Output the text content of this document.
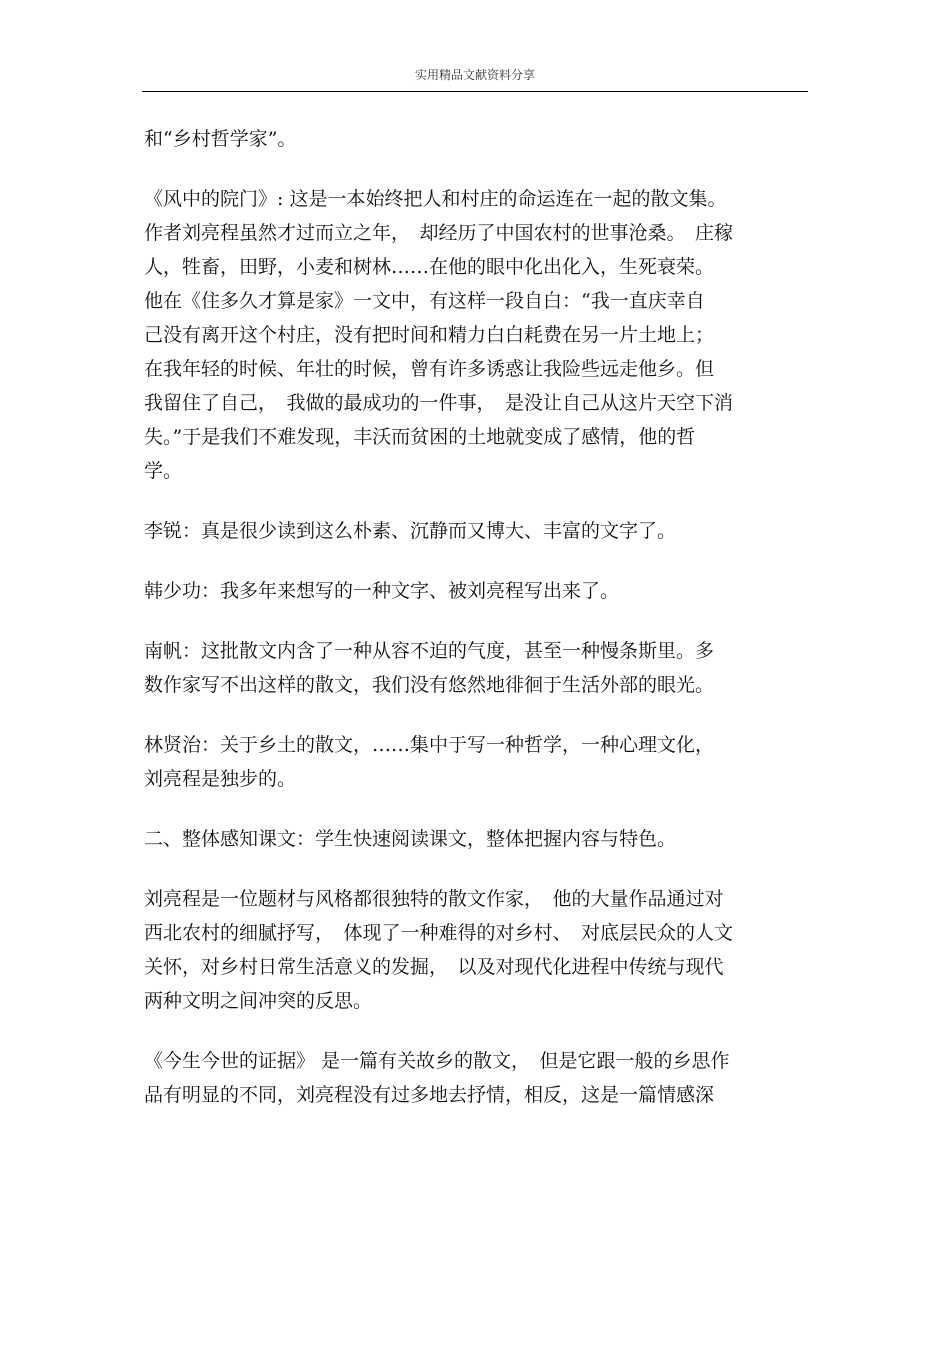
实用精品文献资料分享
和“乡村哲学家”。
《风中的院门》: 这是一本始终把人和村庄的命运连在一起的散文集。
作者刘亮程虽然才过而立之年，　却经历了中国农村的世事沧桑。　庄稼
人，牲畜，田野，小麦和树林……在他的眼中化出化入，生死衰荣。
他在《住多久才算是家》一文中，有这样一段自白：“我一直庆幸自
己没有离开这个村庄，没有把时间和精力白白耗费在另一片土地上；
在我年轻的时候、年壮的时候，曾有许多诱惑让我险些远走他乡。但
我留住了自己，　我做的最成功的一件事，　是没让自己从这片天空下消
失。”于是我们不难发现，丰沃而贫困的土地就变成了感情，他的哲
学。
李锐：真是很少读到这么朴素、沉静而又博大、丰富的文字了。
韩少功：我多年来想写的一种文字、被刘亮程写出来了。
南帆：这批散文内含了一种从容不迫的气度，甚至一种慢条斯里。多
数作家写不出这样的散文，我们没有悠然地徘徊于生活外部的眼光。
林贤治：关于乡土的散文，……集中于写一种哲学，一种心理文化，
刘亮程是独步的。
二、整体感知课文：学生快速阅读课文，整体把握内容与特色。
刘亮程是一位题材与风格都很独特的散文作家，　他的大量作品通过对
西北农村的细腻抒写，　体现了一种难得的对乡村、　对底层民众的人文
关怀，对乡村日常生活意义的发掘，　以及对现代化进程中传统与现代
两种文明之间冲突的反思。
《今生今世的证据》 是一篇有关故乡的散文，　但是它跟一般的乡思作
品有明显的不同，刘亮程没有过多地去抒情，相反，这是一篇情感深
